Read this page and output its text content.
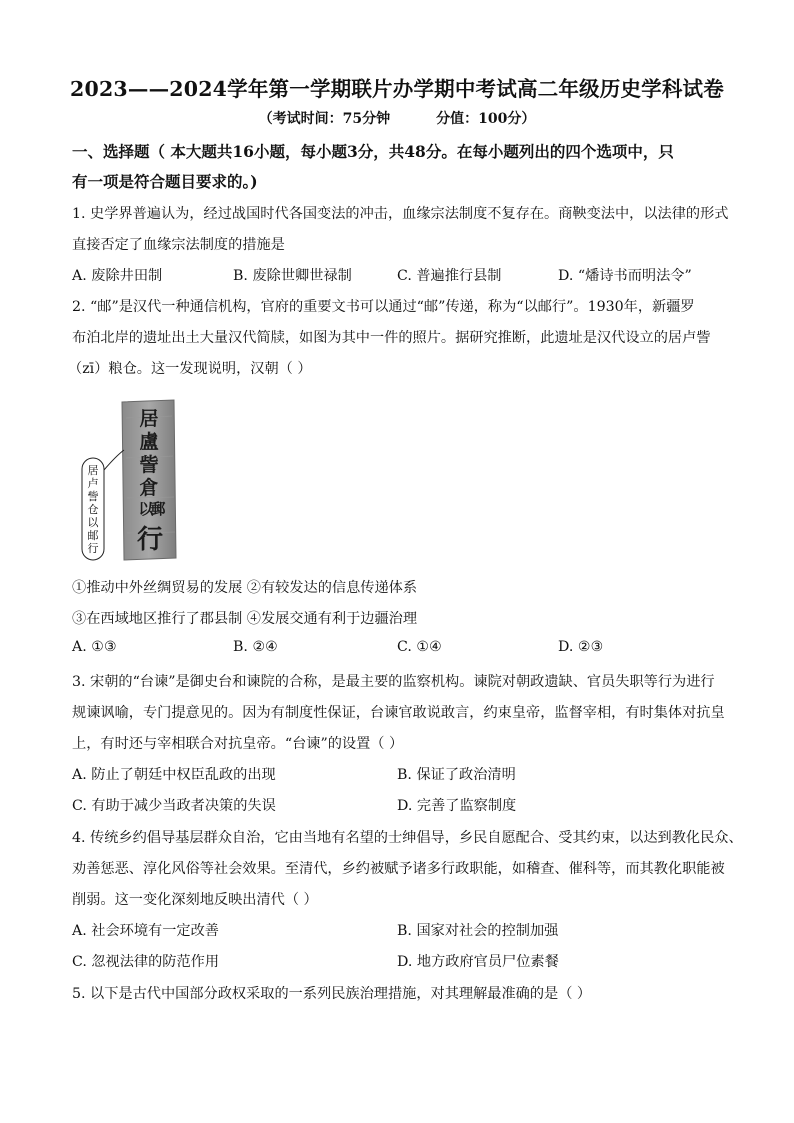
2023——2024学年第一学期联片办学期中考试高二年级历史学科试卷
（考试时间：75分钟	分值：100分）
一、选择题（ 本大题共16小题，每小题3分，共48分。在每小题列出的四个选项中，只
有一项是符合题目要求的。)
1. 史学界普遍认为，经过战国时代各国变法的冲击，血缘宗法制度不复存在。商鞅变法中，以法律的形式
直接否定了血缘宗法制度的措施是
A. 废除井田制	B. 废除世卿世禄制	C. 普遍推行县制	D. “燔诗书而明法令”
2. “邮”是汉代一种通信机构，官府的重要文书可以通过“邮”传递，称为“以邮行”。1930年，新疆罗
布泊北岸的遗址出土大量汉代简牍，如图为其中一件的照片。据研究推断，此遗址是汉代设立的居卢訾
（zī）粮仓。这一发现说明，汉朝（ ）
居
盧
訾
倉
以
郵
行
居
卢
訾
仓
以
邮
行
①推动中外丝绸贸易的发展 ②有较发达的信息传递体系
③在西域地区推行了郡县制 ④发展交通有利于边疆治理
A. ①③	B. ②④	C. ①④	D. ②③
3. 宋朝的“台谏”是御史台和谏院的合称，是最主要的监察机构。谏院对朝政遗缺、官员失职等行为进行
规谏讽喻，专门提意见的。因为有制度性保证，台谏官敢说敢言，约束皇帝，监督宰相，有时集体对抗皇
上，有时还与宰相联合对抗皇帝。“台谏”的设置（ ）
A. 防止了朝廷中权臣乱政的出现	B. 保证了政治清明
C. 有助于减少当政者决策的失误	D. 完善了监察制度
4. 传统乡约倡导基层群众自治，它由当地有名望的士绅倡导，乡民自愿配合、受其约束，以达到教化民众、
劝善惩恶、淳化风俗等社会效果。至清代，乡约被赋予诸多行政职能，如稽查、催科等，而其教化职能被
削弱。这一变化深刻地反映出清代（ ）
A. 社会环境有一定改善	B. 国家对社会的控制加强
C. 忽视法律的防范作用	D. 地方政府官员尸位素餐
5. 以下是古代中国部分政权采取的一系列民族治理措施，对其理解最准确的是（ ）
